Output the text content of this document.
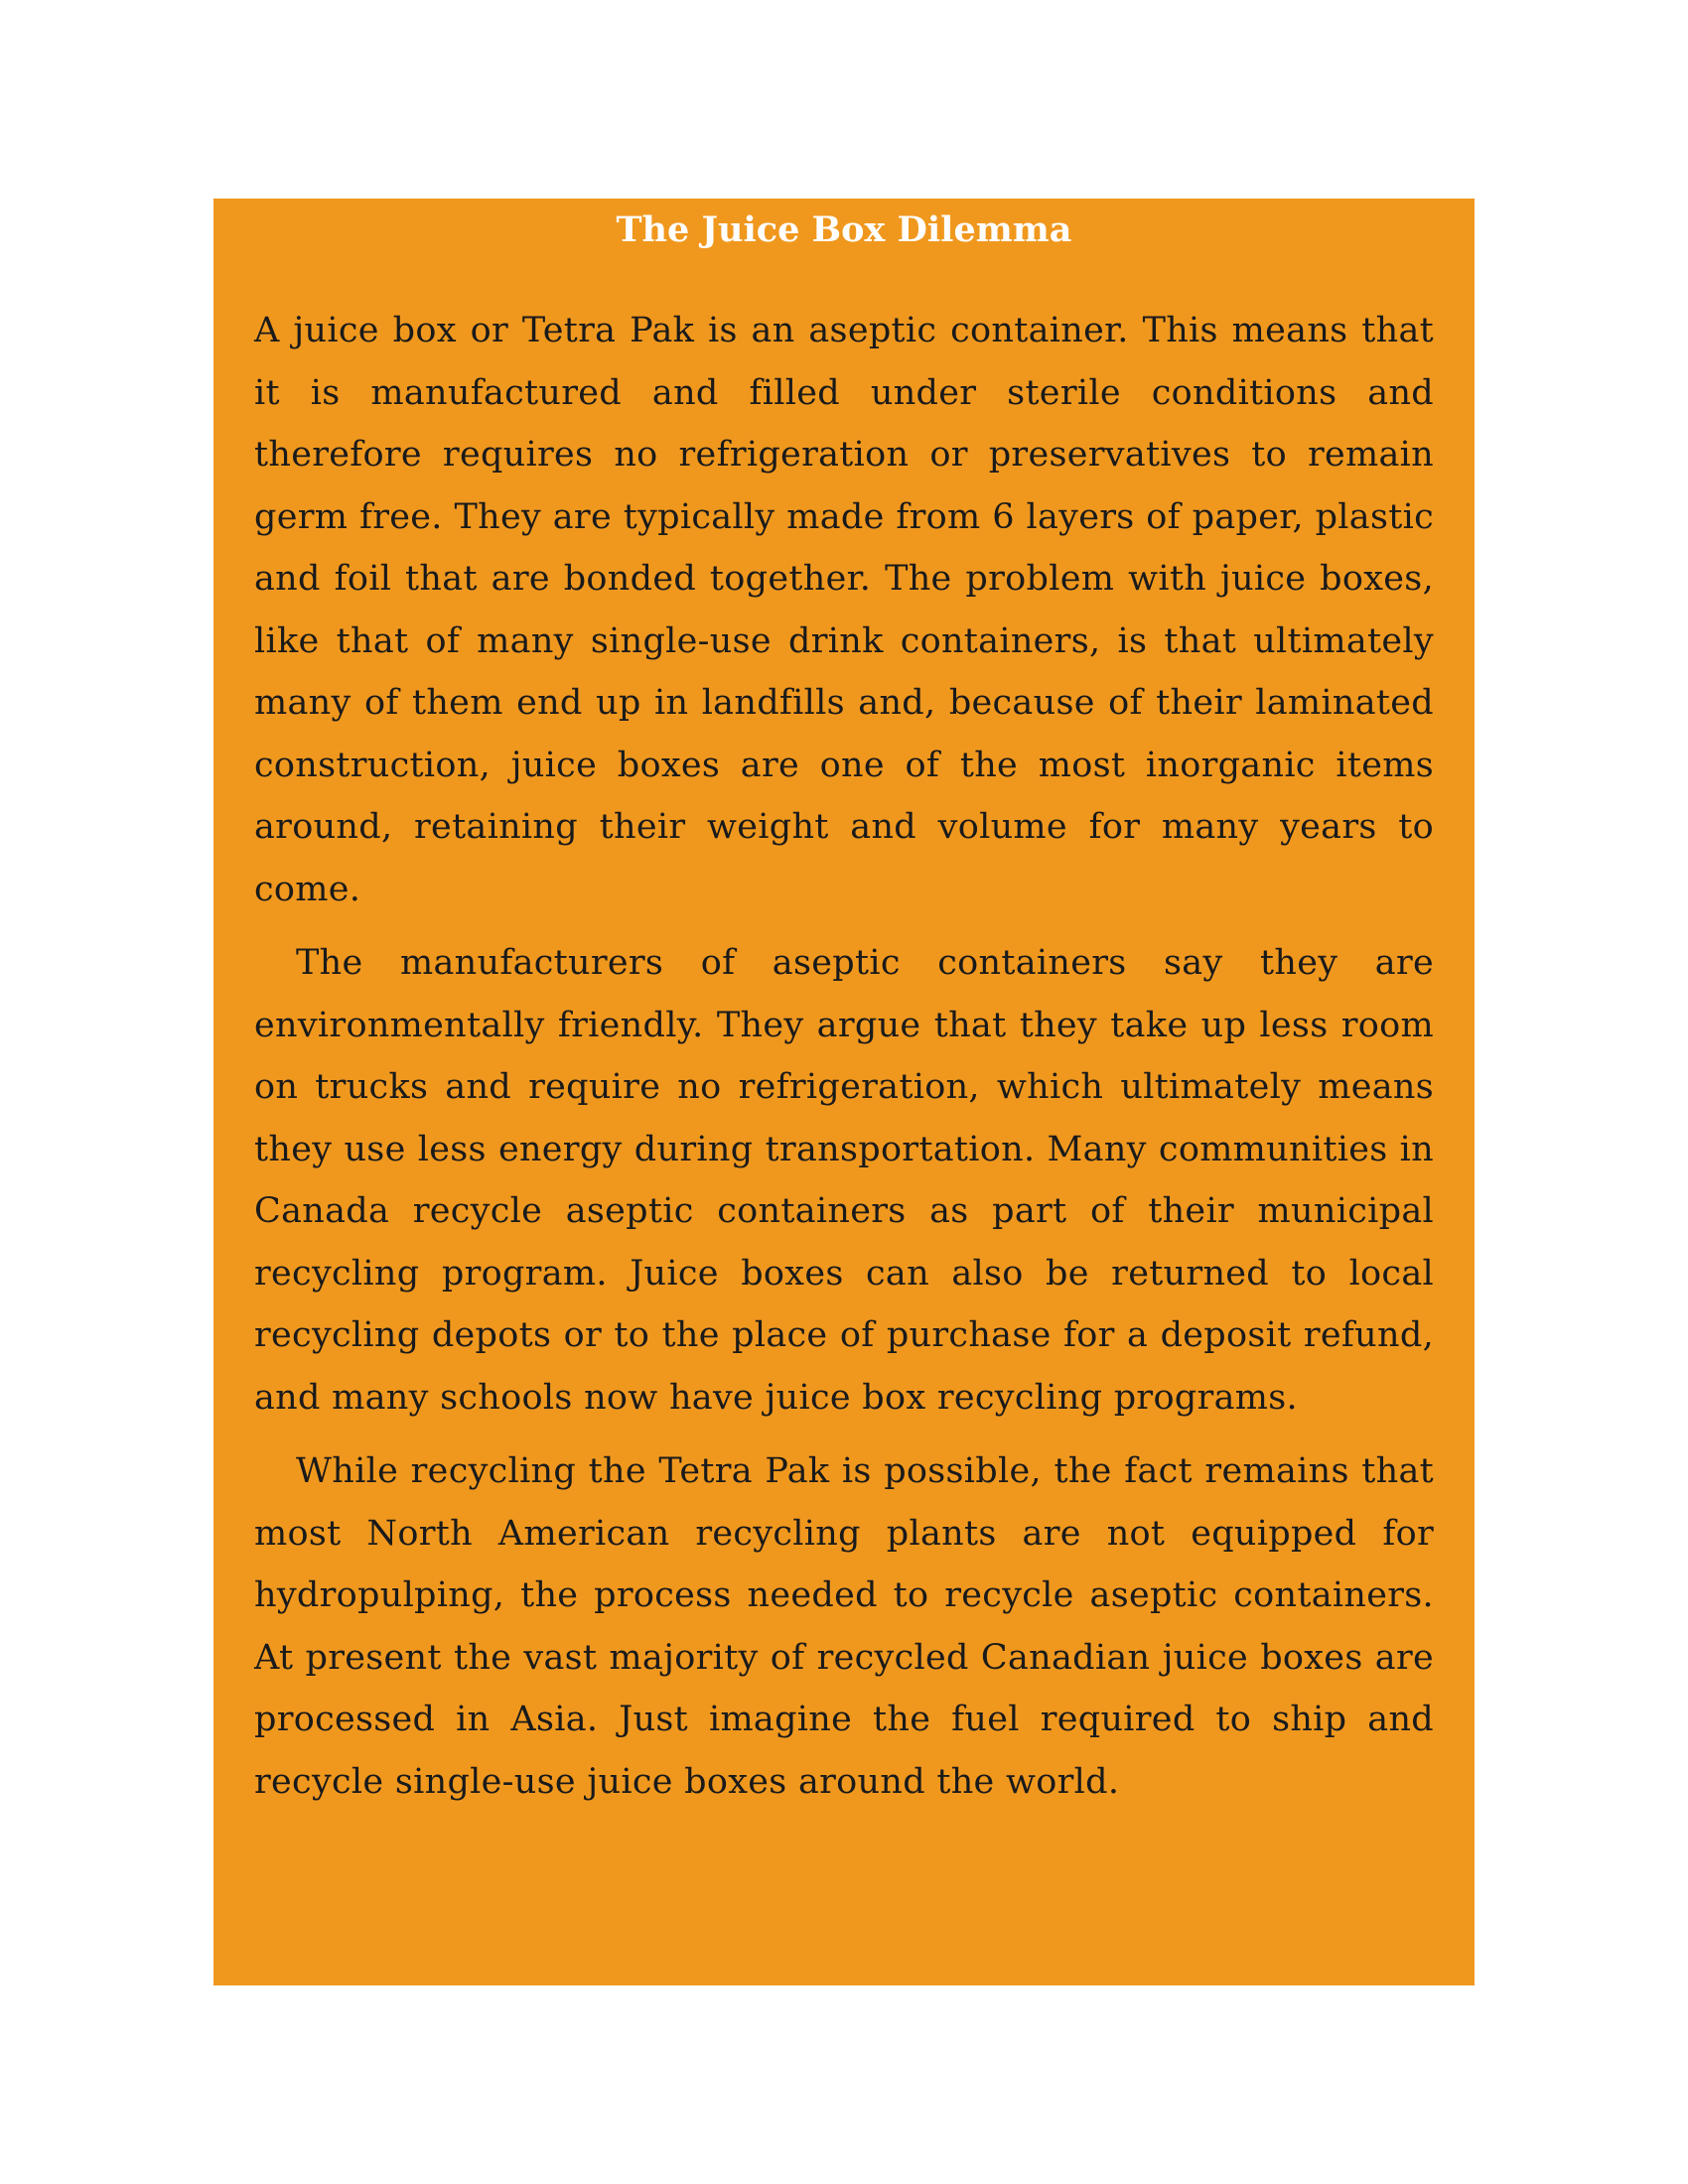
The Juice Box Dilemma

A juice box or Tetra Pak is an aseptic container. This means that it is manufactured and filled under sterile conditions and therefore requires no refrigeration or preservatives to remain germ free. They are typically made from 6 layers of paper, plastic and foil that are bonded together. The problem with juice boxes, like that of many single-use drink containers, is that ultimately many of them end up in landfills and, because of their laminated construction, juice boxes are one of the most inorganic items around, retaining their weight and volume for many years to come.

The manufacturers of aseptic containers say they are environmentally friendly. They argue that they take up less room on trucks and require no refrigeration, which ultimately means they use less energy during transportation. Many communities in Canada recycle aseptic containers as part of their municipal recycling program. Juice boxes can also be returned to local recycling depots or to the place of purchase for a deposit refund, and many schools now have juice box recycling programs.

While recycling the Tetra Pak is possible, the fact remains that most North American recycling plants are not equipped for hydropulping, the process needed to recycle aseptic containers. At present the vast majority of recycled Canadian juice boxes are processed in Asia. Just imagine the fuel required to ship and recycle single-use juice boxes around the world.
